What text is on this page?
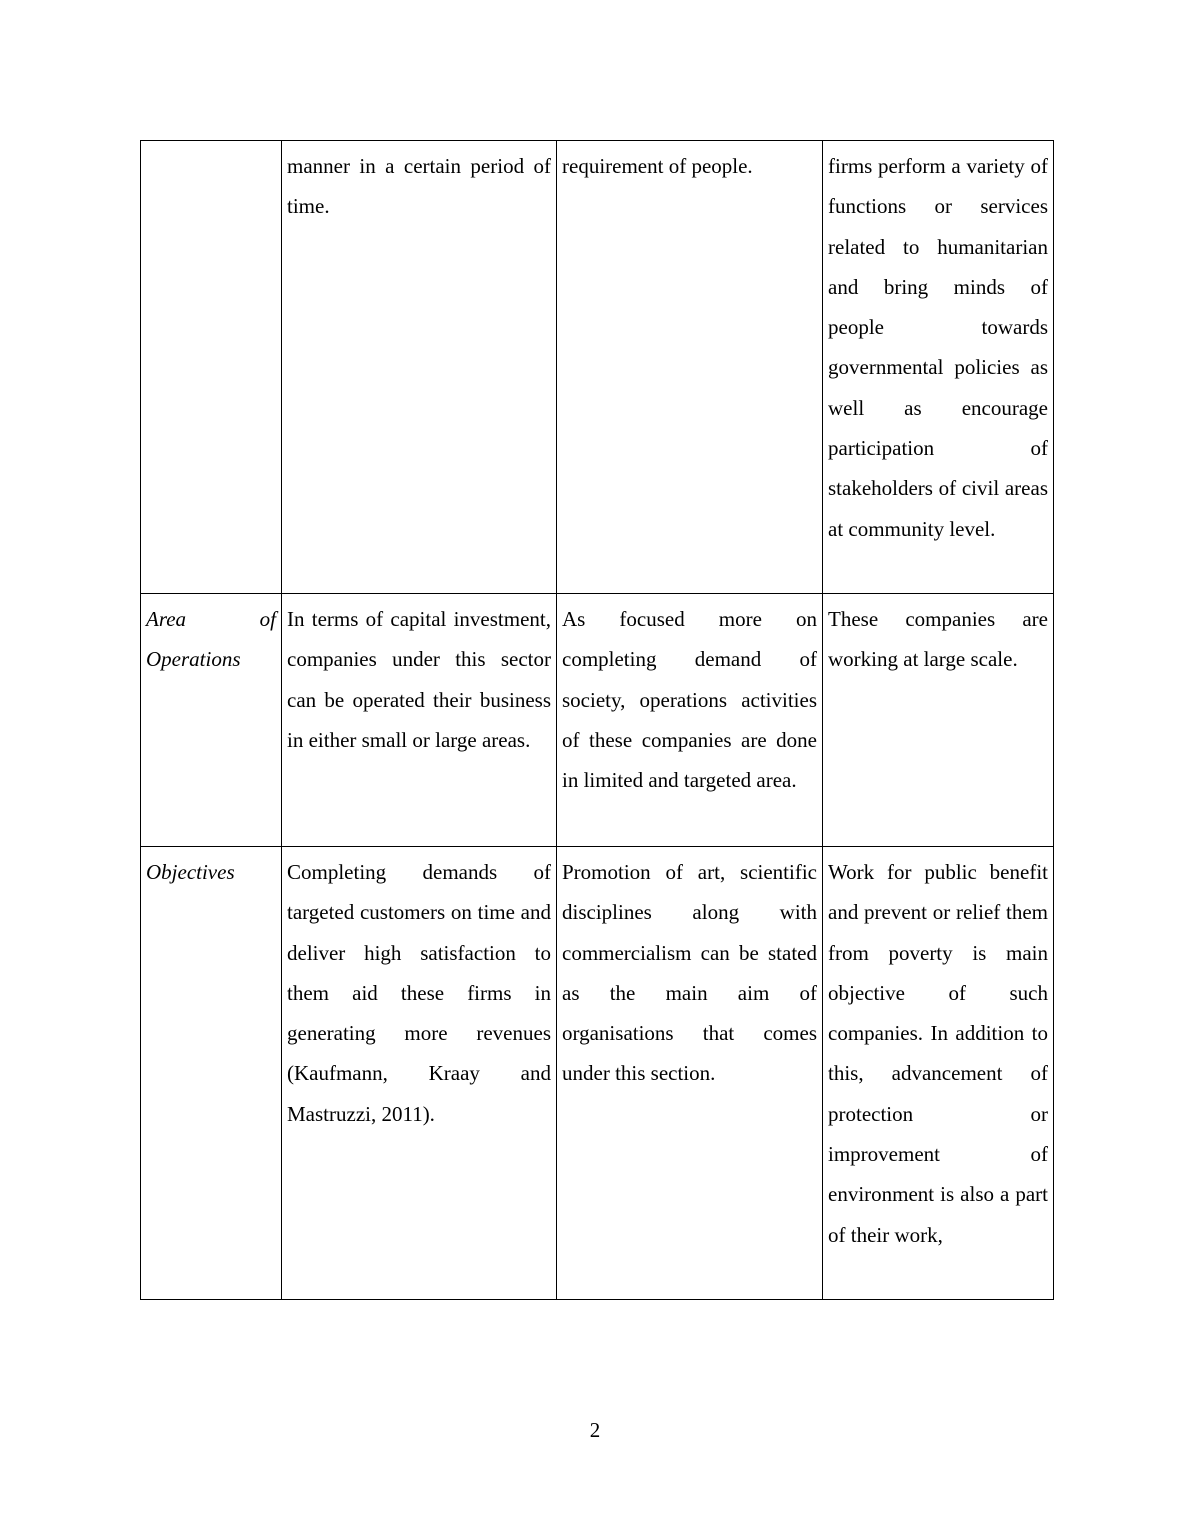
	manner in a certain period of time.	requirement of people.	firms perform a variety of functions or services related to humanitarian and bring minds of people towards governmental policies as well as encourage participation of stakeholders of civil areas at community level.
Area of Operations	In terms of capital investment, companies under this sector can be operated their business in either small or large areas.	As focused more on completing demand of society, operations activities of these companies are done in limited and targeted area.	These companies are working at large scale.
Objectives	Completing demands of targeted customers on time and deliver high satisfaction to them aid these firms in generating more revenues (Kaufmann, Kraay and Mastruzzi, 2011).	Promotion of art, scientific disciplines along with commercialism can be stated as the main aim of organisations that comes under this section.	Work for public benefit and prevent or relief them from poverty is main objective of such companies. In addition to this, advancement of protection or improvement of environment is also a part of their work,
2
